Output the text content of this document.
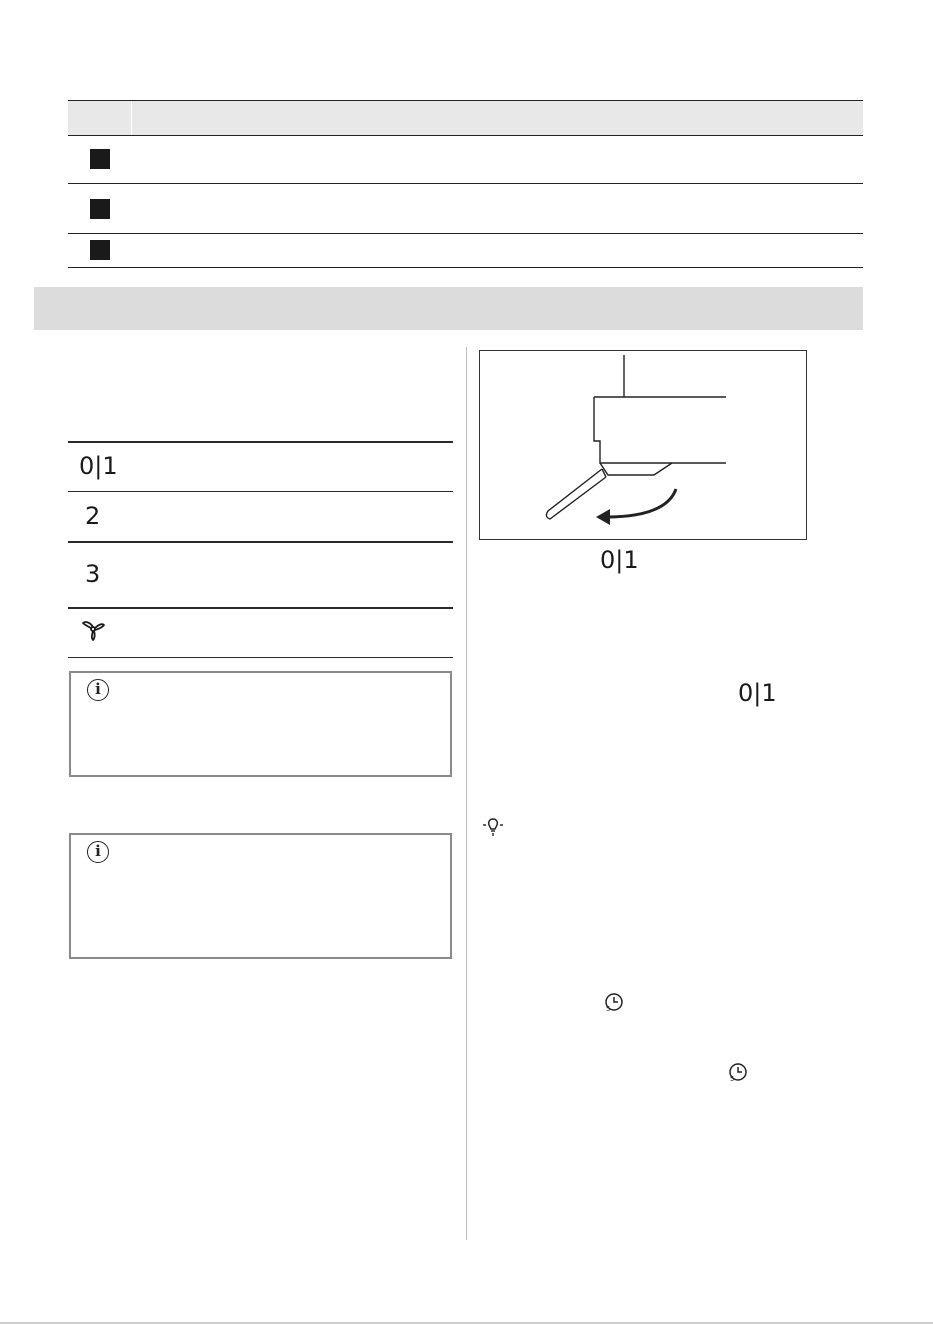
0|1
2
3
i
i
0|1
0|1
5
5
